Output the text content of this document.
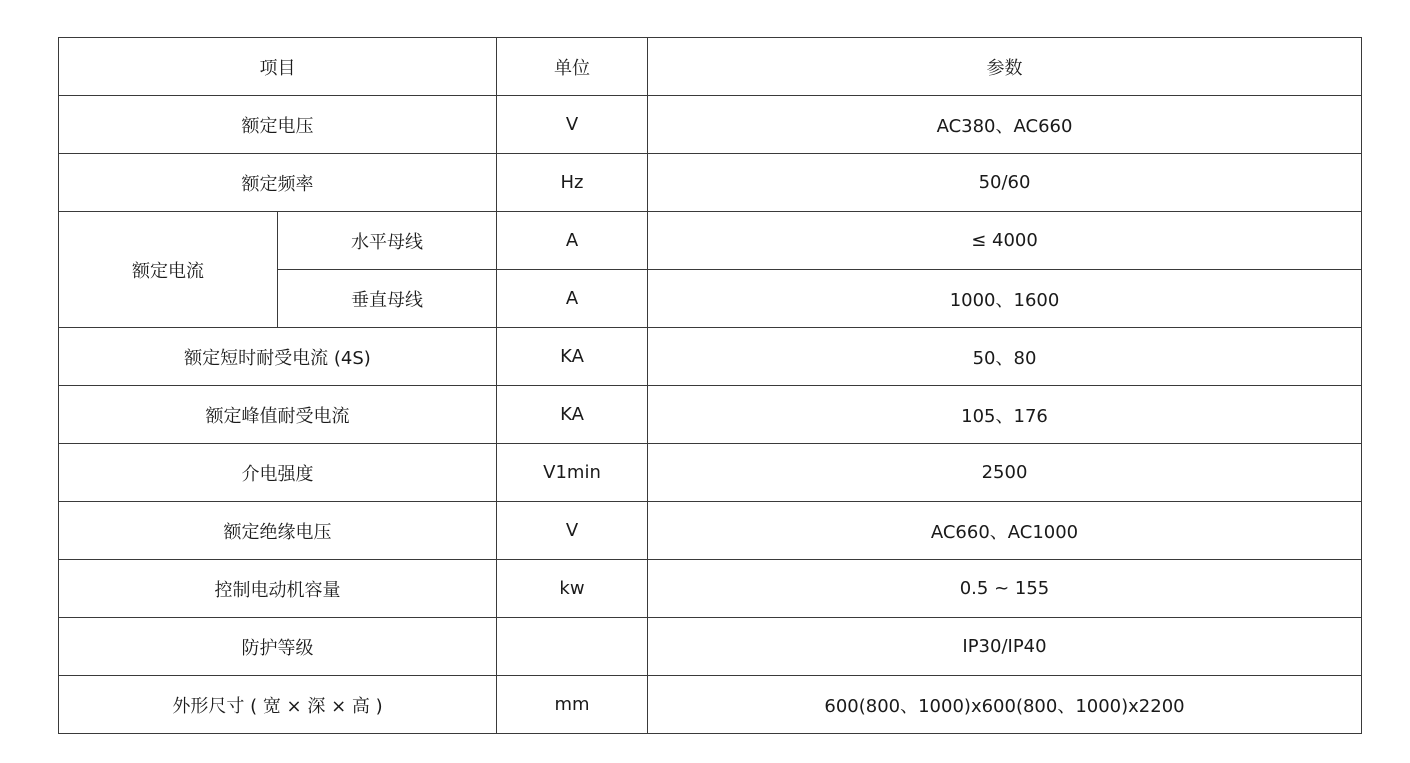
项目		单位	参数
额定电压		V	AC380、AC660
额定频率		Hz	50/60
额定电流	水平母线	A	≤ 4000
	垂直母线	A	1000、1600
额定短时耐受电流 (4S)		KA	50、80
额定峰值耐受电流		KA	105、176
介电强度		V1min	2500
额定绝缘电压		V	AC660、AC1000
控制电动机容量		kw	0.5 ~ 155
防护等级			IP30/IP40
外形尺寸 ( 宽 × 深 × 高 )		mm	600(800、1000)x600(800、1000)x2200
